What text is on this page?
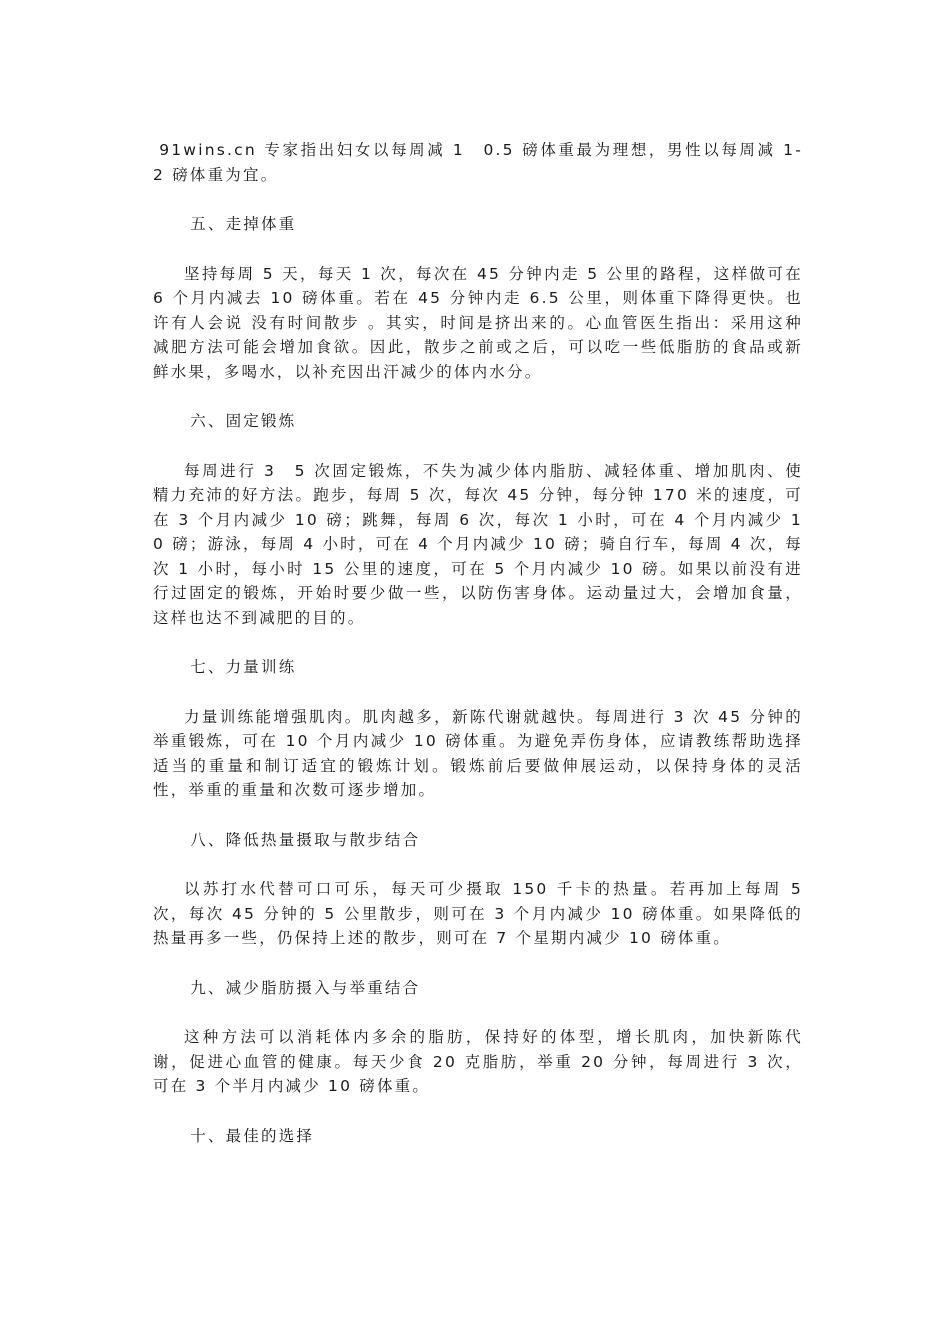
91wins.cn 专家指出妇女以每周减 1　0.5 磅体重最为理想，男性以每周减 1-2 磅体重为宜。

五、走掉体重

坚持每周 5 天，每天 1 次，每次在 45 分钟内走 5 公里的路程，这样做可在 6 个月内减去 10 磅体重。若在 45 分钟内走 6.5 公里，则体重下降得更快。也许有人会说 没有时间散步 。其实，时间是挤出来的。心血管医生指出：采用这种减肥方法可能会增加食欲。因此，散步之前或之后，可以吃一些低脂肪的食品或新鲜水果，多喝水，以补充因出汗减少的体内水分。

六、固定锻炼

每周进行 3　5 次固定锻炼，不失为减少体内脂肪、减轻体重、增加肌肉、使精力充沛的好方法。跑步，每周 5 次，每次 45 分钟，每分钟 170 米的速度，可在 3 个月内减少 10 磅；跳舞，每周 6 次，每次 1 小时，可在 4 个月内减少 10 磅；游泳，每周 4 小时，可在 4 个月内减少 10 磅；骑自行车，每周 4 次，每次 1 小时，每小时 15 公里的速度，可在 5 个月内减少 10 磅。如果以前没有进行过固定的锻炼，开始时要少做一些，以防伤害身体。运动量过大，会增加食量，这样也达不到减肥的目的。

七、力量训练

力量训练能增强肌肉。肌肉越多，新陈代谢就越快。每周进行 3 次 45 分钟的举重锻炼，可在 10 个月内减少 10 磅体重。为避免弄伤身体，应请教练帮助选择适当的重量和制订适宜的锻炼计划。锻炼前后要做伸展运动，以保持身体的灵活性，举重的重量和次数可逐步增加。

八、降低热量摄取与散步结合

以苏打水代替可口可乐，每天可少摄取 150 千卡的热量。若再加上每周 5 次，每次 45 分钟的 5 公里散步，则可在 3 个月内减少 10 磅体重。如果降低的热量再多一些，仍保持上述的散步，则可在 7 个星期内减少 10 磅体重。

九、减少脂肪摄入与举重结合

这种方法可以消耗体内多余的脂肪，保持好的体型，增长肌肉，加快新陈代谢，促进心血管的健康。每天少食 20 克脂肪，举重 20 分钟，每周进行 3 次，可在 3 个半月内减少 10 磅体重。

十、最佳的选择
